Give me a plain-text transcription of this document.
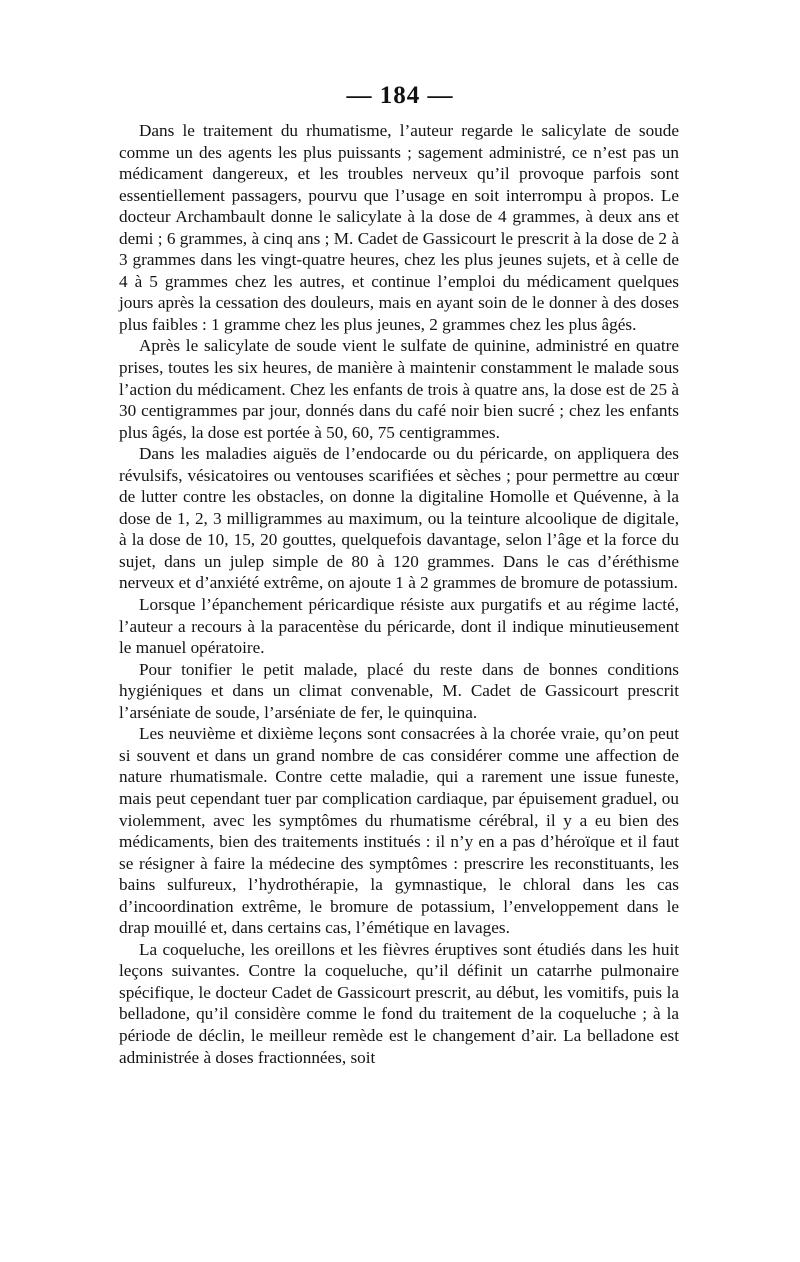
— 184 —

Dans le traitement du rhumatisme, l’auteur regarde le salicylate de soude comme un des agents les plus puissants ; sagement administré, ce n’est pas un médicament dangereux, et les troubles nerveux qu’il provoque parfois sont essentiellement passagers, pourvu que l’usage en soit interrompu à propos. Le docteur Archambault donne le salicylate à la dose de 4 grammes, à deux ans et demi ; 6 grammes, à cinq ans ; M. Cadet de Gassicourt le prescrit à la dose de 2 à 3 grammes dans les vingt-quatre heures, chez les plus jeunes sujets, et à celle de 4 à 5 grammes chez les autres, et continue l’emploi du médicament quelques jours après la cessation des douleurs, mais en ayant soin de le donner à des doses plus faibles : 1 gramme chez les plus jeunes, 2 grammes chez les plus âgés.

Après le salicylate de soude vient le sulfate de quinine, administré en quatre prises, toutes les six heures, de manière à maintenir constamment le malade sous l’action du médicament. Chez les enfants de trois à quatre ans, la dose est de 25 à 30 centigrammes par jour, donnés dans du café noir bien sucré ; chez les enfants plus âgés, la dose est portée à 50, 60, 75 centigrammes.

Dans les maladies aiguës de l’endocarde ou du péricarde, on appliquera des révulsifs, vésicatoires ou ventouses scarifiées et sèches ; pour permettre au cœur de lutter contre les obstacles, on donne la digitaline Homolle et Quévenne, à la dose de 1, 2, 3 milligrammes au maximum, ou la teinture alcoolique de digitale, à la dose de 10, 15, 20 gouttes, quelquefois davantage, selon l’âge et la force du sujet, dans un julep simple de 80 à 120 grammes. Dans le cas d’éréthisme nerveux et d’anxiété extrême, on ajoute 1 à 2 grammes de bromure de potassium.

Lorsque l’épanchement péricardique résiste aux purgatifs et au régime lacté, l’auteur a recours à la paracentèse du péricarde, dont il indique minutieusement le manuel opératoire.

Pour tonifier le petit malade, placé du reste dans de bonnes conditions hygiéniques et dans un climat convenable, M. Cadet de Gassicourt prescrit l’arséniate de soude, l’arséniate de fer, le quinquina.

Les neuvième et dixième leçons sont consacrées à la chorée vraie, qu’on peut si souvent et dans un grand nombre de cas considérer comme une affection de nature rhumatismale. Contre cette maladie, qui a rarement une issue funeste, mais peut cependant tuer par complication cardiaque, par épuisement graduel, ou violemment, avec les symptômes du rhumatisme cérébral, il y a eu bien des médicaments, bien des traitements institués : il n’y en a pas d’héroïque et il faut se résigner à faire la médecine des symptômes : prescrire les reconstituants, les bains sulfureux, l’hydrothérapie, la gymnastique, le chloral dans les cas d’incoordination extrême, le bromure de potassium, l’enveloppement dans le drap mouillé et, dans certains cas, l’émétique en lavages.

La coqueluche, les oreillons et les fièvres éruptives sont étudiés dans les huit leçons suivantes. Contre la coqueluche, qu’il définit un catarrhe pulmonaire spécifique, le docteur Cadet de Gassicourt prescrit, au début, les vomitifs, puis la belladone, qu’il considère comme le fond du traitement de la coqueluche ; à la période de déclin, le meilleur remède est le changement d’air. La belladone est administrée à doses fractionnées, soit
